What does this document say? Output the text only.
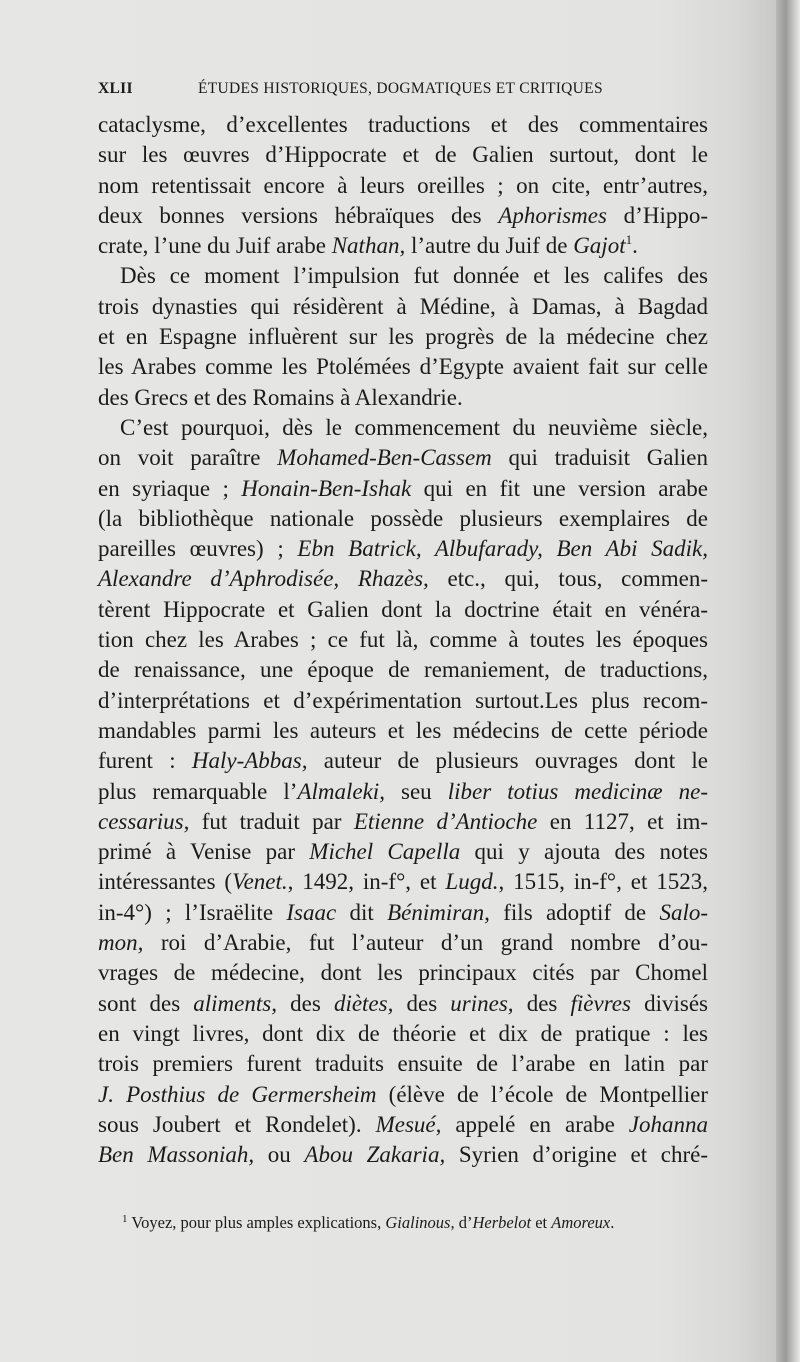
XLII	ÉTUDES HISTORIQUES, DOGMATIQUES ET CRITIQUES
cataclysme, d’excellentes traductions et des commentaires
sur les œuvres d’Hippocrate et de Galien surtout, dont le
nom retentissait encore à leurs oreilles ; on cite, entr’autres,
deux bonnes versions hébraïques des Aphorismes d’Hippo-
crate, l’une du Juif arabe Nathan, l’autre du Juif de Gajot$^1$.
Dès ce moment l’impulsion fut donnée et les califes des
trois dynasties qui résidèrent à Médine, à Damas, à Bagdad
et en Espagne influèrent sur les progrès de la médecine chez
les Arabes comme les Ptolémées d’Egypte avaient fait sur celle
des Grecs et des Romains à Alexandrie.
C’est pourquoi, dès le commencement du neuvième siècle,
on voit paraître Mohamed-Ben-Cassem qui traduisit Galien
en syriaque ; Honain-Ben-Ishak qui en fit une version arabe
(la bibliothèque nationale possède plusieurs exemplaires de
pareilles œuvres) ; Ebn Batrick, Albufarady, Ben Abi Sadik,
Alexandre d’Aphrodisée, Rhazès, etc., qui, tous, commen-
tèrent Hippocrate et Galien dont la doctrine était en vénéra-
tion chez les Arabes ; ce fut là, comme à toutes les époques
de renaissance, une époque de remaniement, de traductions,
d’interprétations et d’expérimentation surtout.Les plus recom-
mandables parmi les auteurs et les médecins de cette période
furent : Haly-Abbas, auteur de plusieurs ouvrages dont le
plus remarquable l’Almaleki, seu liber totius medicinæ ne-
cessarius, fut traduit par Etienne d’Antioche en 1127, et im-
primé à Venise par Michel Capella qui y ajouta des notes
intéressantes (Venet., 1492, in-f°, et Lugd., 1515, in-f°, et 1523,
in-4°) ; l’Israëlite Isaac dit Bénimiran, fils adoptif de Salo-
mon, roi d’Arabie, fut l’auteur d’un grand nombre d’ou-
vrages de médecine, dont les principaux cités par Chomel
sont des aliments, des diètes, des urines, des fièvres divisés
en vingt livres, dont dix de théorie et dix de pratique : les
trois premiers furent traduits ensuite de l’arabe en latin par
J. Posthius de Germersheim (élève de l’école de Montpellier
sous Joubert et Rondelet). Mesué, appelé en arabe Johanna
Ben Massoniah, ou Abou Zakaria, Syrien d’origine et chré-
$^1$ Voyez, pour plus amples explications, Gialinous, d’Herbelot et Amoreux.
